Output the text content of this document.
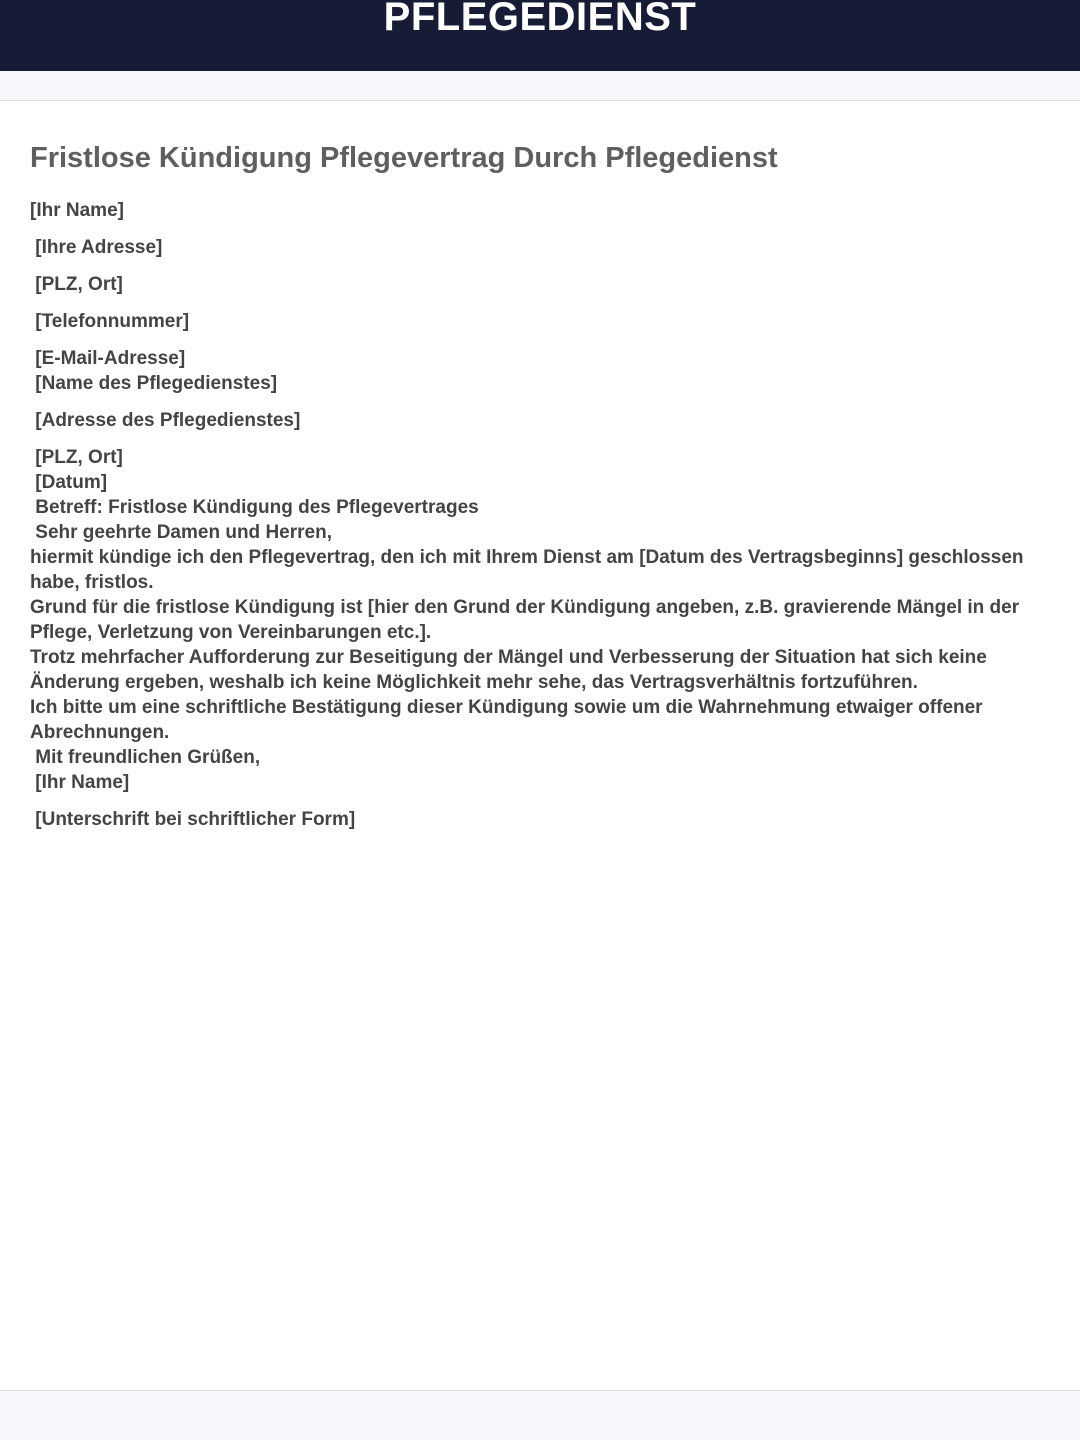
PFLEGEDIENST
Fristlose Kündigung Pflegevertrag Durch Pflegedienst

[Ihr Name]

[Ihre Adresse]

[PLZ, Ort]

[Telefonnummer]

[E-Mail-Adresse]

[Name des Pflegedienstes]

[Adresse des Pflegedienstes]

[PLZ, Ort]

[Datum]

Betreff: Fristlose Kündigung des Pflegevertrages

Sehr geehrte Damen und Herren,

hiermit kündige ich den Pflegevertrag, den ich mit Ihrem Dienst am [Datum des Vertragsbeginns] geschlossen habe, fristlos.

Grund für die fristlose Kündigung ist [hier den Grund der Kündigung angeben, z.B. gravierende Mängel in der Pflege, Verletzung von Vereinbarungen etc.].

Trotz mehrfacher Aufforderung zur Beseitigung der Mängel und Verbesserung der Situation hat sich keine Änderung ergeben, weshalb ich keine Möglichkeit mehr sehe, das Vertragsverhältnis fortzuführen.

Ich bitte um eine schriftliche Bestätigung dieser Kündigung sowie um die Wahrnehmung etwaiger offener Abrechnungen.

Mit freundlichen Grüßen,

[Ihr Name]

[Unterschrift bei schriftlicher Form]
